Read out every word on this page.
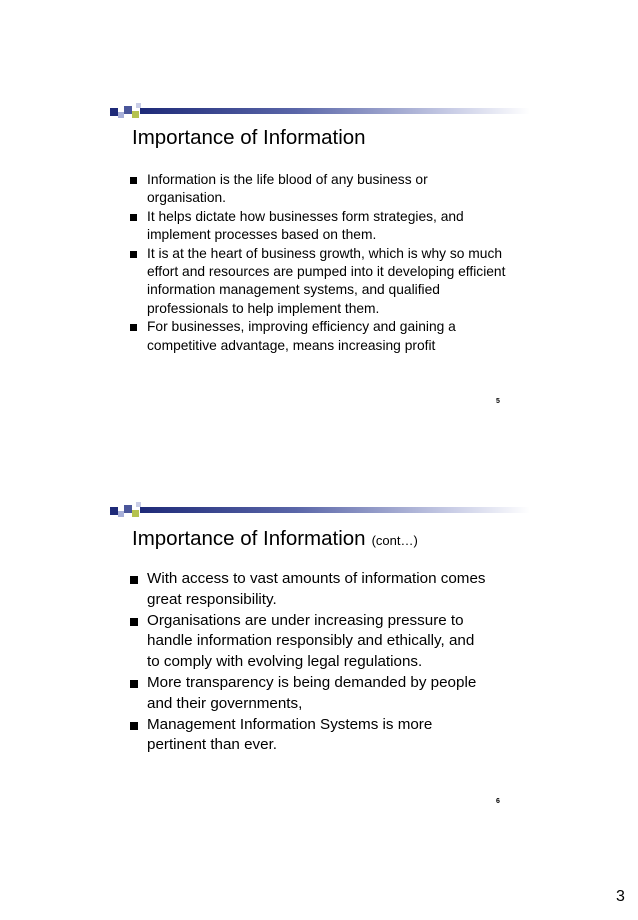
Importance of Information
Information is the life blood of any business or organisation.
It helps dictate how businesses form strategies, and implement processes based on them.
It is at the heart of business growth, which is why so much effort and resources are pumped into it developing efficient information management systems, and qualified professionals to help implement them.
For businesses, improving efficiency and gaining a competitive advantage, means increasing profit
5
Importance of Information (cont…)
With access to vast amounts of information comes great responsibility.
Organisations are under increasing pressure to handle information responsibly and ethically, and to comply with evolving legal regulations.
More transparency is being demanded by people and their governments,
Management Information Systems is more pertinent than ever.
6
3
